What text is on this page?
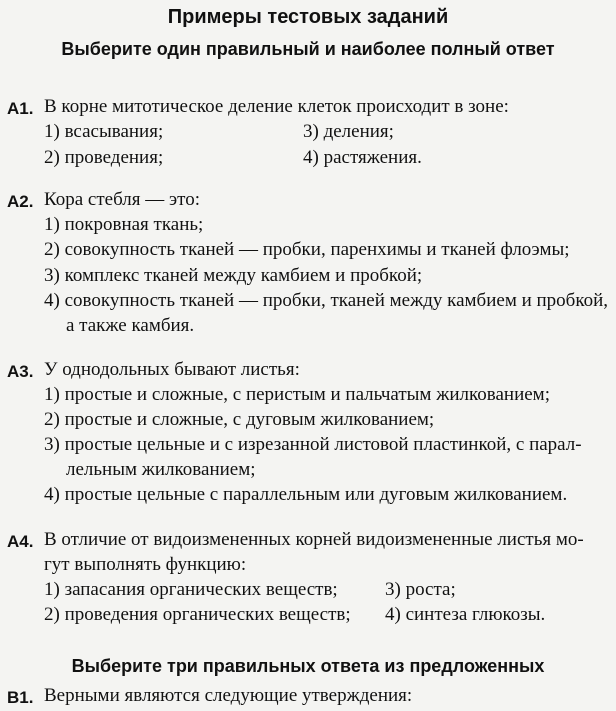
Примеры тестовых заданий
Выберите один правильный и наиболее полный ответ
А1. В корне митотическое деление клеток происходит в зоне:
1) всасывания;	3) деления;
2) проведения;	4) растяжения.
А2. Кора стебля — это:
1) покровная ткань;
2) совокупность тканей — пробки, паренхимы и тканей флоэмы;
3) комплекс тканей между камбием и пробкой;
4) совокупность тканей — пробки, тканей между камбием и пробкой,
а также камбия.
А3. У однодольных бывают листья:
1) простые и сложные, с перистым и пальчатым жилкованием;
2) простые и сложные, с дуговым жилкованием;
3) простые цельные и с изрезанной листовой пластинкой, с парал-
лельным жилкованием;
4) простые цельные с параллельным или дуговым жилкованием.
А4. В отличие от видоизмененных корней видоизмененные листья мо-
гут выполнять функцию:
1) запасания органических веществ; 3) роста;
2) проведения органических веществ; 4) синтеза глюкозы.
Выберите три правильных ответа из предложенных
В1. Верными являются следующие утверждения:
